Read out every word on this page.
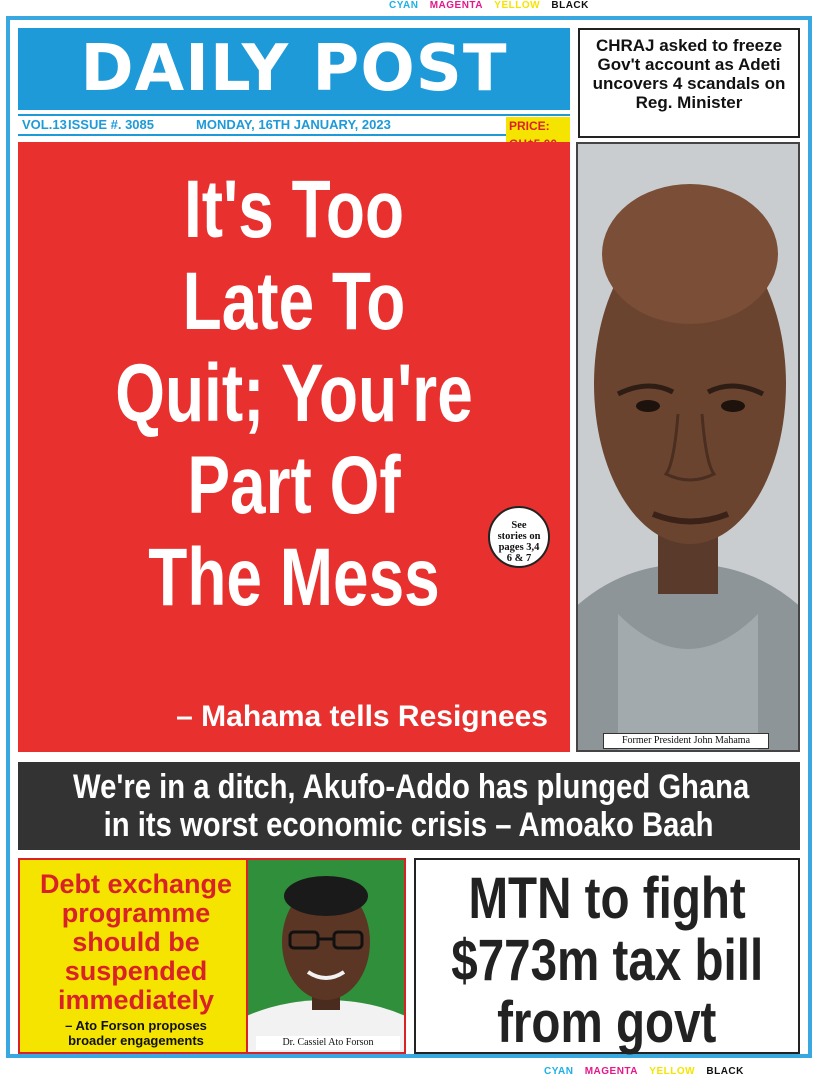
CYAN MAGENTA YELLOW BLACK
DAILY POST
VOL.13 ISSUE #. 3085	MONDAY, 16TH JANUARY, 2023	PRICE:
CHRAJ asked to freeze Gov't account as Adeti uncovers 4 scandals on Reg. Minister
It's Too
Late To
Quit; You're
Part Of
The Mess
– Mahama tells Resignees
See
stories on
pages 3,4
6 & 7
Former President John Mahama
We're in a ditch, Akufo-Addo has plunged Ghana
in its worst economic crisis – Amoako Baah
Debt exchange
programme
should be
suspended
immediately
– Ato Forson proposes
broader engagements	Dr. Cassiel Ato Forson
MTN to fight
$773m tax bill
from govt
CYAN MAGENTA YELLOW BLACK
